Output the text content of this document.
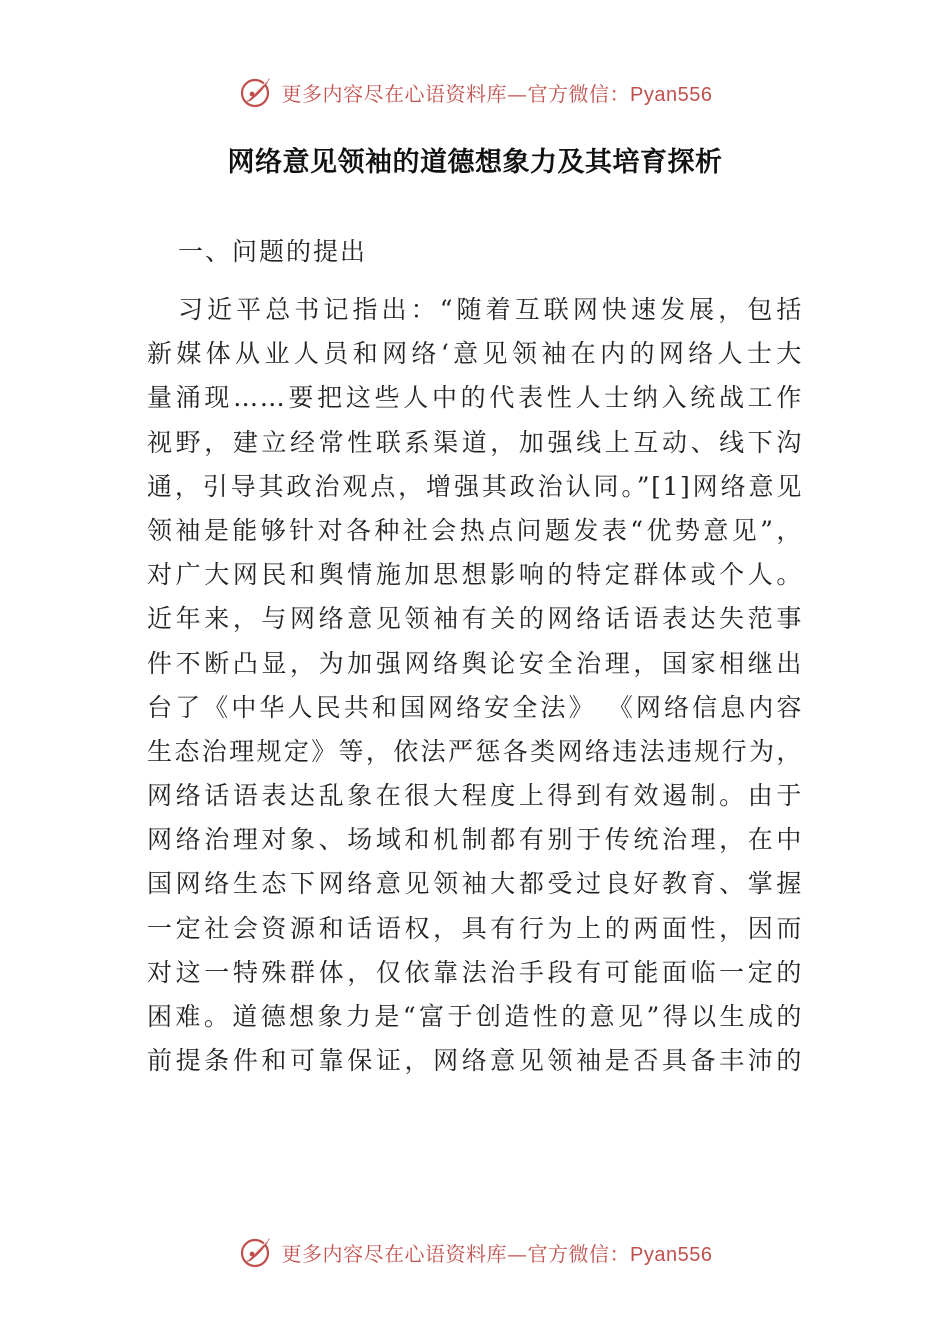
更多内容尽在心语资料库—官方微信：Pyan556
网络意见领袖的道德想象力及其培育探析
一、问题的提出
习近平总书记指出：“随着互联网快速发展，包括
新媒体从业人员和网络‘意见领袖在内的网络人士大
量涌现……要把这些人中的代表性人士纳入统战工作
视野，建立经常性联系渠道，加强线上互动、线下沟
通，引导其政治观点，增强其政治认同。”[1]网络意见
领袖是能够针对各种社会热点问题发表“优势意见”，
对广大网民和舆情施加思想影响的特定群体或个人。
近年来，与网络意见领袖有关的网络话语表达失范事
件不断凸显，为加强网络舆论安全治理，国家相继出
台了《中华人民共和国网络安全法》 《网络信息内容
生态治理规定》等，依法严惩各类网络违法违规行为，
网络话语表达乱象在很大程度上得到有效遏制。由于
网络治理对象、场域和机制都有别于传统治理，在中
国网络生态下网络意见领袖大都受过良好教育、掌握
一定社会资源和话语权，具有行为上的两面性，因而
对这一特殊群体，仅依靠法治手段有可能面临一定的
困难。道德想象力是“富于创造性的意见”得以生成的
前提条件和可靠保证，网络意见领袖是否具备丰沛的
更多内容尽在心语资料库—官方微信：Pyan556
